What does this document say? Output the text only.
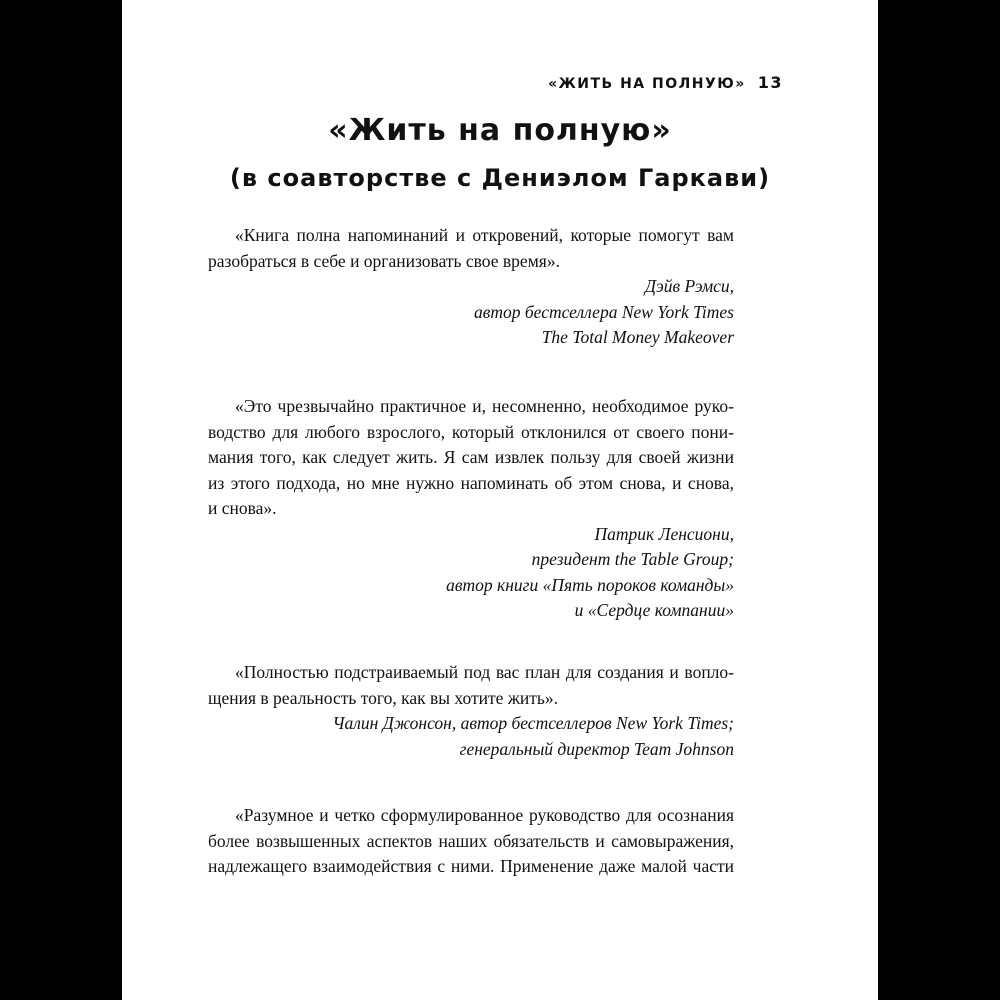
«ЖИТЬ НА ПОЛНУЮ» 13
«Жить на полную»
(в соавторстве с Дениэлом Гаркави)
«Книга полна напоминаний и откровений, которые помогут вам
разобраться в себе и организовать свое время».
Дэйв Рэмси,
автор бестселлера New York Times
The Total Money Makeover
«Это чрезвычайно практичное и, несомненно, необходимое руко-
водство для любого взрослого, который отклонился от своего пони-
мания того, как следует жить. Я сам извлек пользу для своей жизни
из этого подхода, но мне нужно напоминать об этом снова, и снова,
и снова».
Патрик Ленсиони,
президент the Table Group;
автор книги «Пять пороков команды»
и «Сердце компании»
«Полностью подстраиваемый под вас план для создания и вопло-
щения в реальность того, как вы хотите жить».
Чалин Джонсон, автор бестселлеров New York Times;
генеральный директор Team Johnson
«Разумное и четко сформулированное руководство для осознания
более возвышенных аспектов наших обязательств и самовыражения,
надлежащего взаимодействия с ними. Применение даже малой части
